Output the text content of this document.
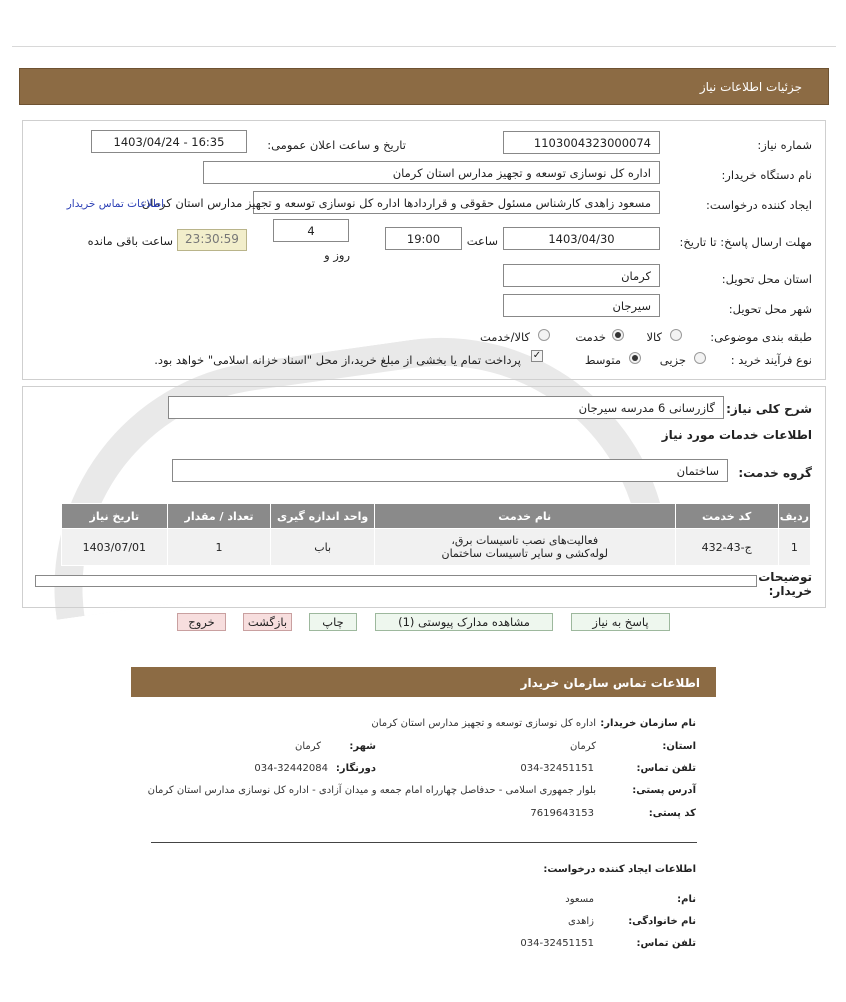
جزئیات اطلاعات نیاز
شماره نیاز:
1103004323000074
تاریخ و ساعت اعلان عمومی:
1403/04/24 - 16:35
نام دستگاه خریدار:
اداره کل نوسازی توسعه و تجهیز مدارس استان کرمان
ایجاد کننده درخواست:
مسعود زاهدی کارشناس مسئول حقوقی و قراردادها اداره کل نوسازی توسعه و تجهیز مدارس استان کرمان
اطلاعات تماس خریدار
مهلت ارسال پاسخ: تا تاریخ:
1403/04/30
ساعت
19:00
4
روز و
23:30:59
ساعت باقی مانده
استان محل تحویل:
کرمان
شهر محل تحویل:
سیرجان
طبقه بندی موضوعی:
کالا
خدمت
کالا/خدمت
نوع فرآیند خرید :
جزیی
متوسط
✓
پرداخت تمام یا بخشی از مبلغ خرید،از محل "اسناد خزانه اسلامی" خواهد بود.
شرح کلی نیاز:
گازرسانی 6 مدرسه سیرجان
اطلاعات خدمات مورد نیاز
گروه خدمت:
ساختمان
ردیف	کد خدمت	نام خدمت	واحد اندازه گیری	تعداد / مقدار	تاریخ نیاز
1	ج-43-432	فعالیت‌های نصب تاسیسات برق، لوله‌کشی و سایر تاسیسات ساختمان	باب	1	1403/07/01
توضیحات خریدار:
پاسخ به نیاز
مشاهده مدارک پیوستی (1)
چاپ
بازگشت
خروج
اطلاعات تماس سازمان خریدار
نام سازمان خریدار:
اداره کل نوسازی توسعه و تجهیز مدارس استان کرمان
استان:
کرمان
شهر:
کرمان
تلفن تماس:
034-32451151
دورنگار:
034-32442084
آدرس پستی:
بلوار جمهوری اسلامی - حدفاصل چهارراه امام جمعه و میدان آزادی - اداره کل نوسازی مدارس استان کرمان
کد پستی:
7619643153
اطلاعات ایجاد کننده درخواست:
نام:
مسعود
نام خانوادگی:
زاهدی
تلفن تماس:
034-32451151
